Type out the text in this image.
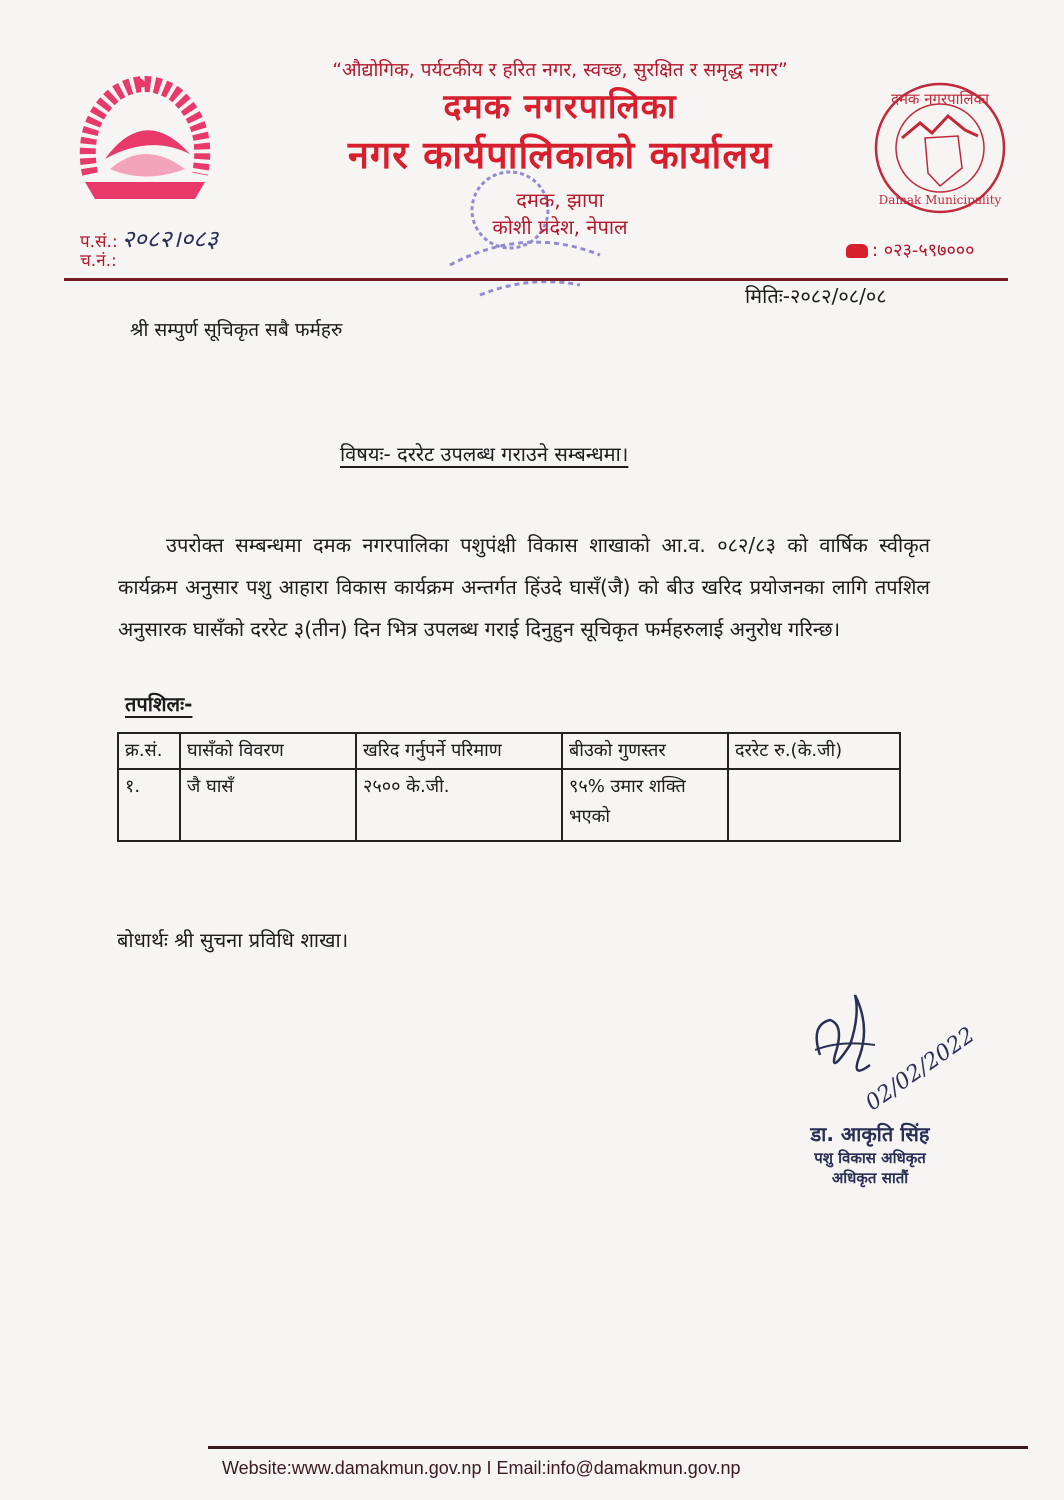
“औद्योगिक, पर्यटकीय र हरित नगर, स्वच्छ, सुरक्षित र समृद्ध नगर”
दमक नगरपालिका
नगर कार्यपालिकाको कार्यालय
दमक, झापा
कोशी प्रदेश, नेपाल
दमक नगरपालिका
Damak Municipality
प.सं.: २०८२।०८३
च.नं.:	: ०२३-५९७०००
मितिः-२०८२/०८/०८
श्री सम्पुर्ण सूचिकृत सबै फर्महरु
विषयः- दररेट उपलब्ध गराउने सम्बन्धमा।
उपरोक्त सम्बन्धमा दमक नगरपालिका पशुपंक्षी विकास शाखाको आ.व. ०८२/८३ को वार्षिक स्वीकृत कार्यक्रम अनुसार पशु आहारा विकास कार्यक्रम अन्तर्गत हिंउदे घासँ(जै) को बीउ खरिद प्रयोजनका लागि तपशिल अनुसारक घासँको दररेट ३(तीन) दिन भित्र उपलब्ध गराई दिनुहुन सूचिकृत फर्महरुलाई अनुरोध गरिन्छ।
तपशिलः-
क्र.सं.	घासँको विवरण	खरिद गर्नुपर्ने परिमाण	बीउको गुणस्तर	दररेट रु.(के.जी)
१.	जै घासँ	२५०० के.जी.	९५% उमार शक्ति भएको	
बोधार्थः श्री सुचना प्रविधि शाखा।
02/02/2022
डा. आकृति सिंह
पशु विकास अधिकृत
अधिकृत सातौं
Website:www.damakmun.gov.np I Email:info@damakmun.gov.np
